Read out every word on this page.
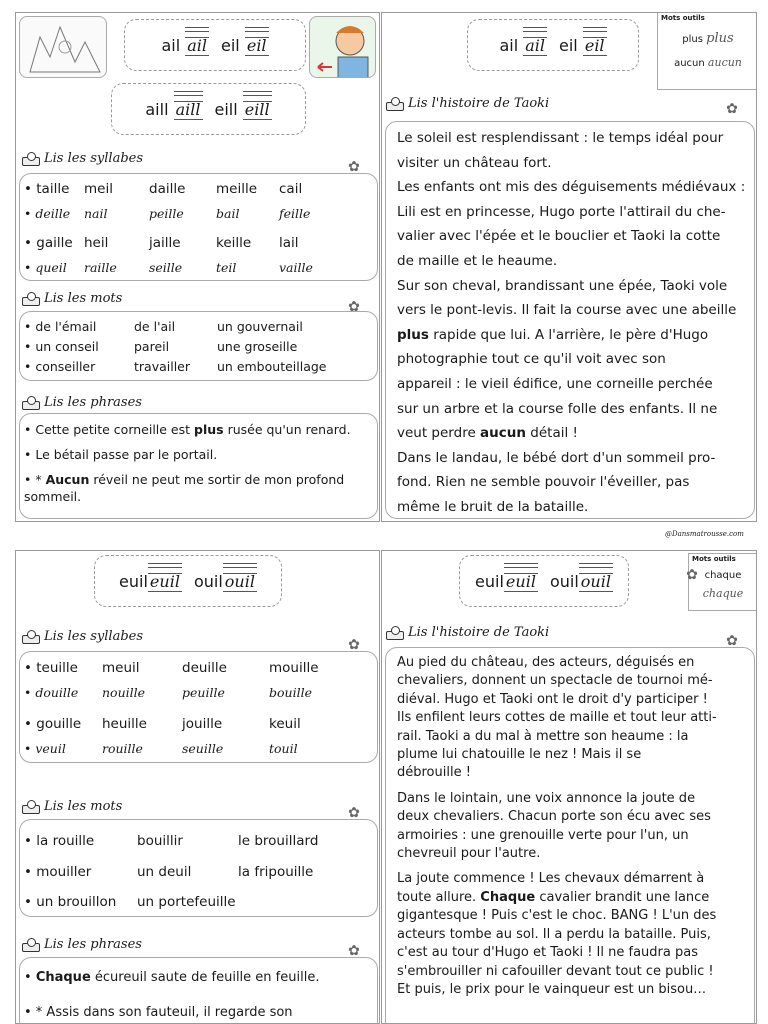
ail ail eil eil
aill aill eill eill
Lis les syllabes
✿
• taille	meil	daille	meille	cail
• deille	nail	peille	bail	feille
• gaille heil	jaille	keille	lail
• queil	raille	seille	teil	vaille
Lis les mots
✿
• de l'émail	de l'ail	un gouvernail
• un conseil	pareil	une groseille
• conseiller	travailler	un embouteillage
Lis les phrases

• Cette petite corneille est plus rusée qu'un renard.

• Le bétail passe par le portail.

• * Aucun réveil ne peut me sortir de mon profond sommeil.

ail ail eil eil
Mots outils
plus plus
aucun aucun
Lis l'histoire de Taoki	✿
Le soleil est resplendissant : le temps idéal pour
visiter un château fort.
Les enfants ont mis des déguisements médiévaux :
Lili est en princesse, Hugo porte l'attirail du che-
valier avec l'épée et le bouclier et Taoki la cotte
de maille et le heaume.
Sur son cheval, brandissant une épée, Taoki vole
vers le pont-levis. Il fait la course avec une abeille
plus rapide que lui. A l'arrière, le père d'Hugo
photographie tout ce qu'il voit avec son
appareil : le vieil édifice, une corneille perchée
sur un arbre et la course folle des enfants. Il ne
veut perdre aucun détail !
Dans le landau, le bébé dort d'un sommeil pro-
fond. Rien ne semble pouvoir l'éveiller, pas
même le bruit de la bataille.
@Dansmatrousse.com
euil euil ouil ouil
Lis les syllabes
✿
• teuille	meuil	deuille	mouille
• douille	nouille	peuille	bouille
• gouille	heuille	jouille	keuil
• veuil	rouille	seuille	touil
Lis les mots	✿
• la rouille	bouillir	le brouillard
• mouiller	un deuil	la fripouille
• un brouillon	un portefeuille
Lis les phrases	✿

• Chaque écureuil saute de feuille en feuille.

• * Assis dans son fauteuil, il regarde son

euil euil ouil ouil
Mots outils
chaque
chaque
✿
Lis l'histoire de Taoki
✿

Au pied du château, des acteurs, déguisés en
chevaliers, donnent un spectacle de tournoi mé-
diéval. Hugo et Taoki ont le droit d'y participer !
Ils enfilent leurs cottes de maille et tout leur atti-
rail. Taoki a du mal à mettre son heaume : la
plume lui chatouille le nez ! Mais il se
débrouille !

Dans le lointain, une voix annonce la joute de
deux chevaliers. Chacun porte son écu avec ses
armoiries : une grenouille verte pour l'un, un
chevreuil pour l'autre.

La joute commence ! Les chevaux démarrent à
toute allure. Chaque cavalier brandit une lance
gigantesque ! Puis c'est le choc. BANG ! L'un des
acteurs tombe au sol. Il a perdu la bataille. Puis,
c'est au tour d'Hugo et Taoki ! Il ne faudra pas
s'embrouiller ni cafouiller devant tout ce public !
Et puis, le prix pour le vainqueur est un bisou…
